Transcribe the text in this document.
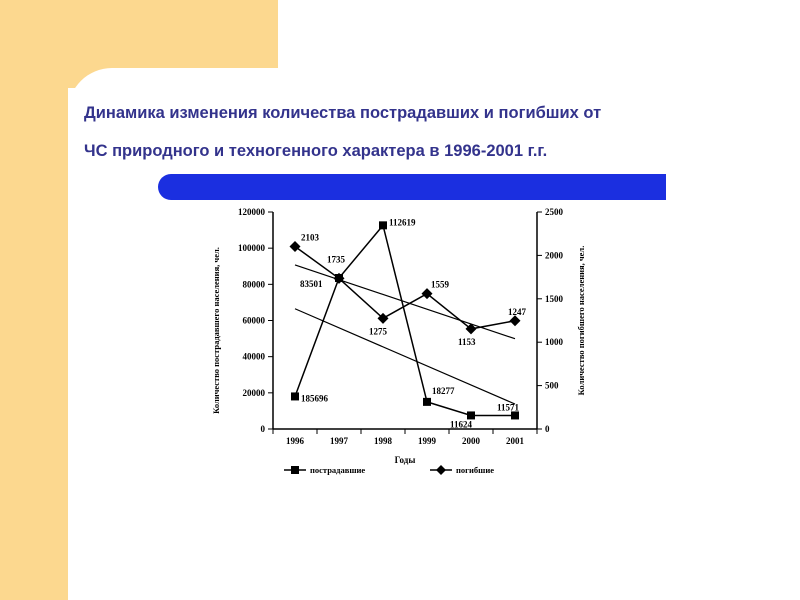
Динамика изменения количества пострадавших и погибших от
ЧС природного и техногенного характера в 1996-2001 г.г.
0
20000
40000
60000
80000
100000
120000
0
500
1000
1500
2000
2500
1996	1997	1998	1999	2000	2001
Годы
Количество пострадавшего населения, чел.	Количество погибшего населения, чел.
185696
83501
112619
18277
11624
11571
2103
1735
1275
1559
1153
1247
пострадавшие	погибшие
